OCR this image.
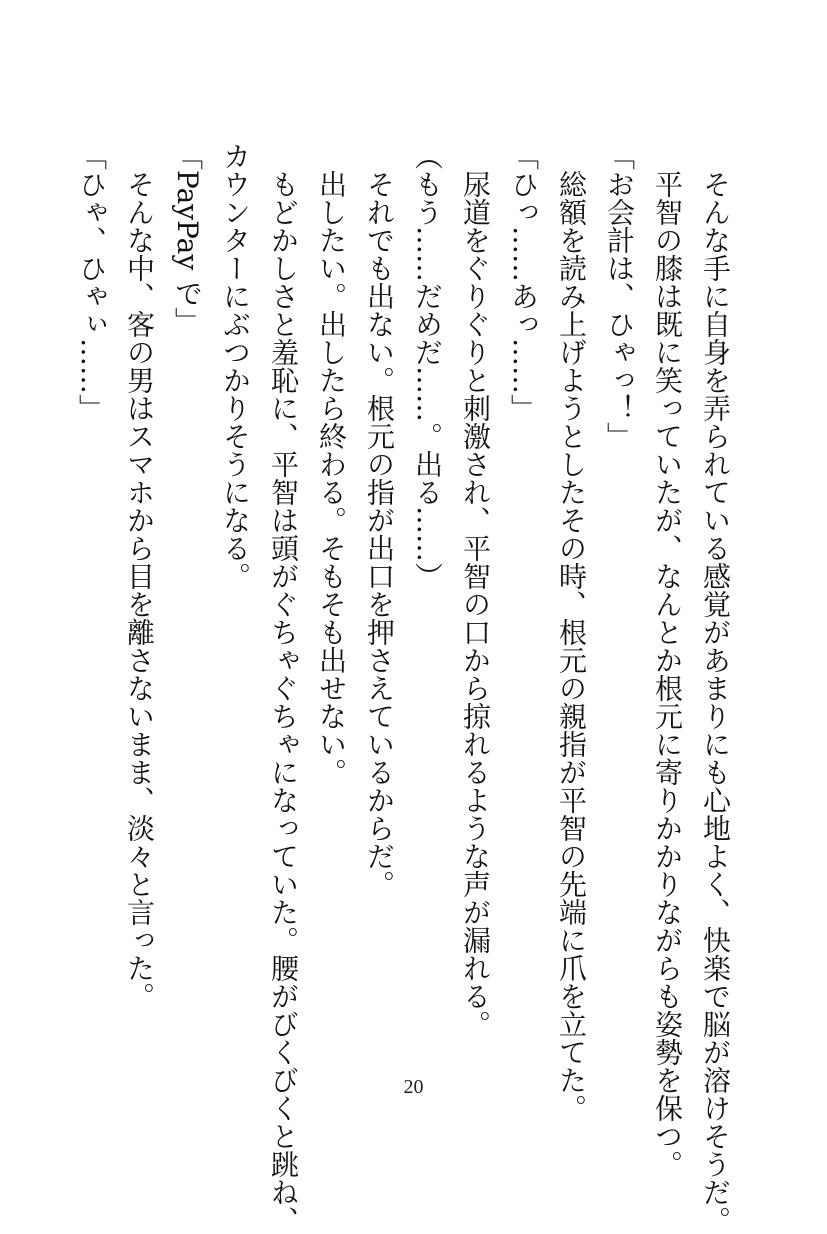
そんな手に自身を弄られている感覚があまりにも心地よく、快楽で脳が溶けそうだ。

平智の膝は既に笑っていたが、なんとか根元に寄りかかりながらも姿勢を保つ。

「お会計は、ひゃっ！」

総額を読み上げようとしたその時、根元の親指が平智の先端に爪を立てた。

「ひっ……あっ……」

尿道をぐりぐりと刺激され、平智の口から掠れるような声が漏れる。

（もう……だめだ……。出る……）

それでも出ない。根元の指が出口を押さえているからだ。

出したい。出したら終わる。そもそも出せない。

もどかしさと羞恥に、平智は頭がぐちゃぐちゃになっていた。腰がびくびくと跳ね、

カウンターにぶつかりそうになる。

「PayPay で」

そんな中、客の男はスマホから目を離さないまま、淡々と言った。

「ひゃ、ひゃぃ……」

20
